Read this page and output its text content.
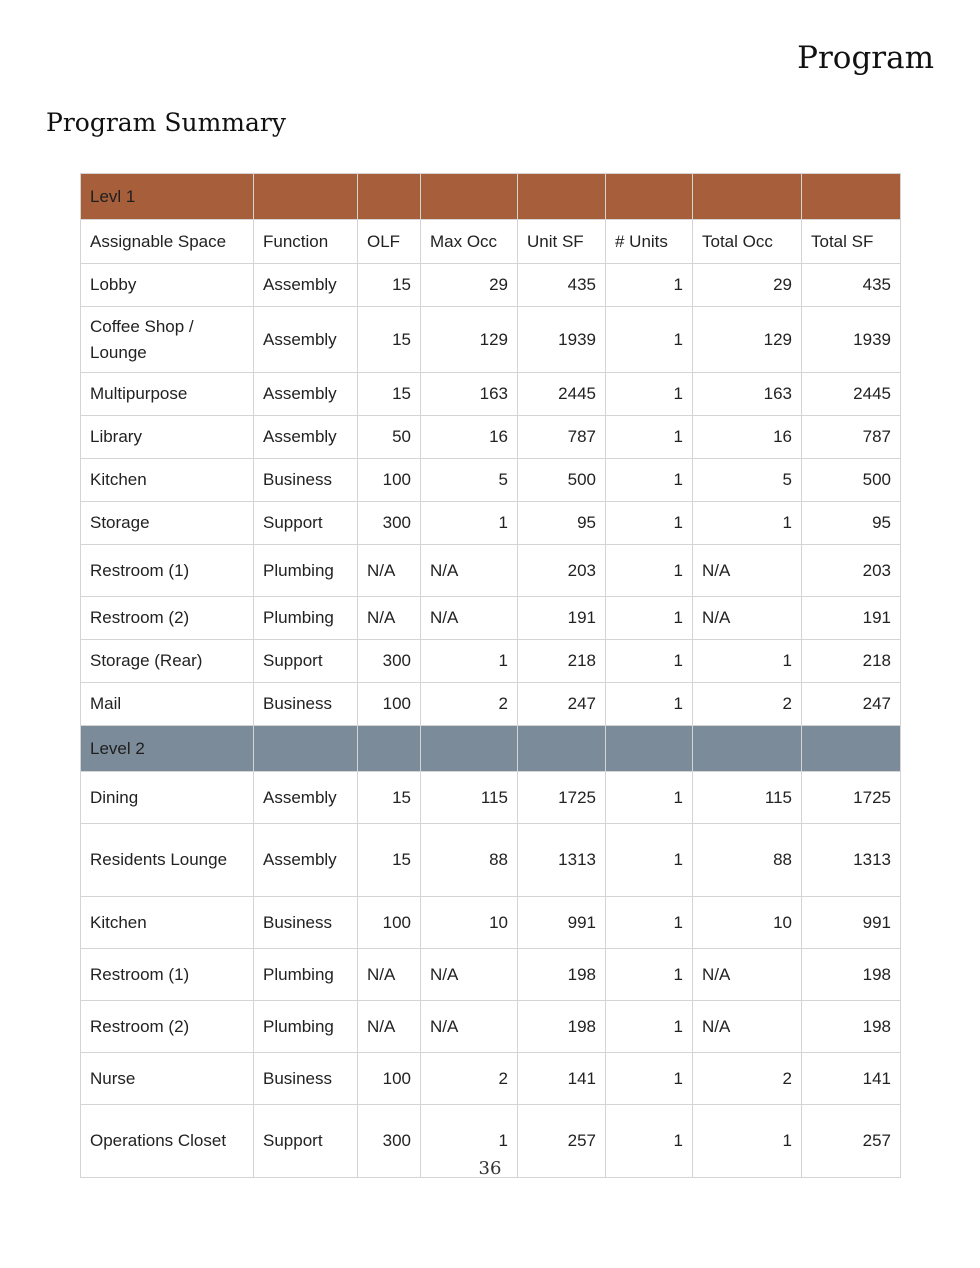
Program
Program Summary
Levl 1							
Assignable Space	Function	OLF	Max Occ	Unit SF	# Units	Total Occ	Total SF
Lobby	Assembly	15	29	435	1	29	435
Coffee Shop / Lounge	Assembly	15	129	1939	1	129	1939
Multipurpose	Assembly	15	163	2445	1	163	2445
Library	Assembly	50	16	787	1	16	787
Kitchen	Business	100	5	500	1	5	500
Storage	Support	300	1	95	1	1	95
Restroom (1)	Plumbing	N/A	N/A	203	1	N/A	203
Restroom (2)	Plumbing	N/A	N/A	191	1	N/A	191
Storage (Rear)	Support	300	1	218	1	1	218
Mail	Business	100	2	247	1	2	247
Level 2							
Dining	Assembly	15	115	1725	1	115	1725
Residents Lounge	Assembly	15	88	1313	1	88	1313
Kitchen	Business	100	10	991	1	10	991
Restroom (1)	Plumbing	N/A	N/A	198	1	N/A	198
Restroom (2)	Plumbing	N/A	N/A	198	1	N/A	198
Nurse	Business	100	2	141	1	2	141
Operations Closet	Support	300	1	257	1	1	257
36
